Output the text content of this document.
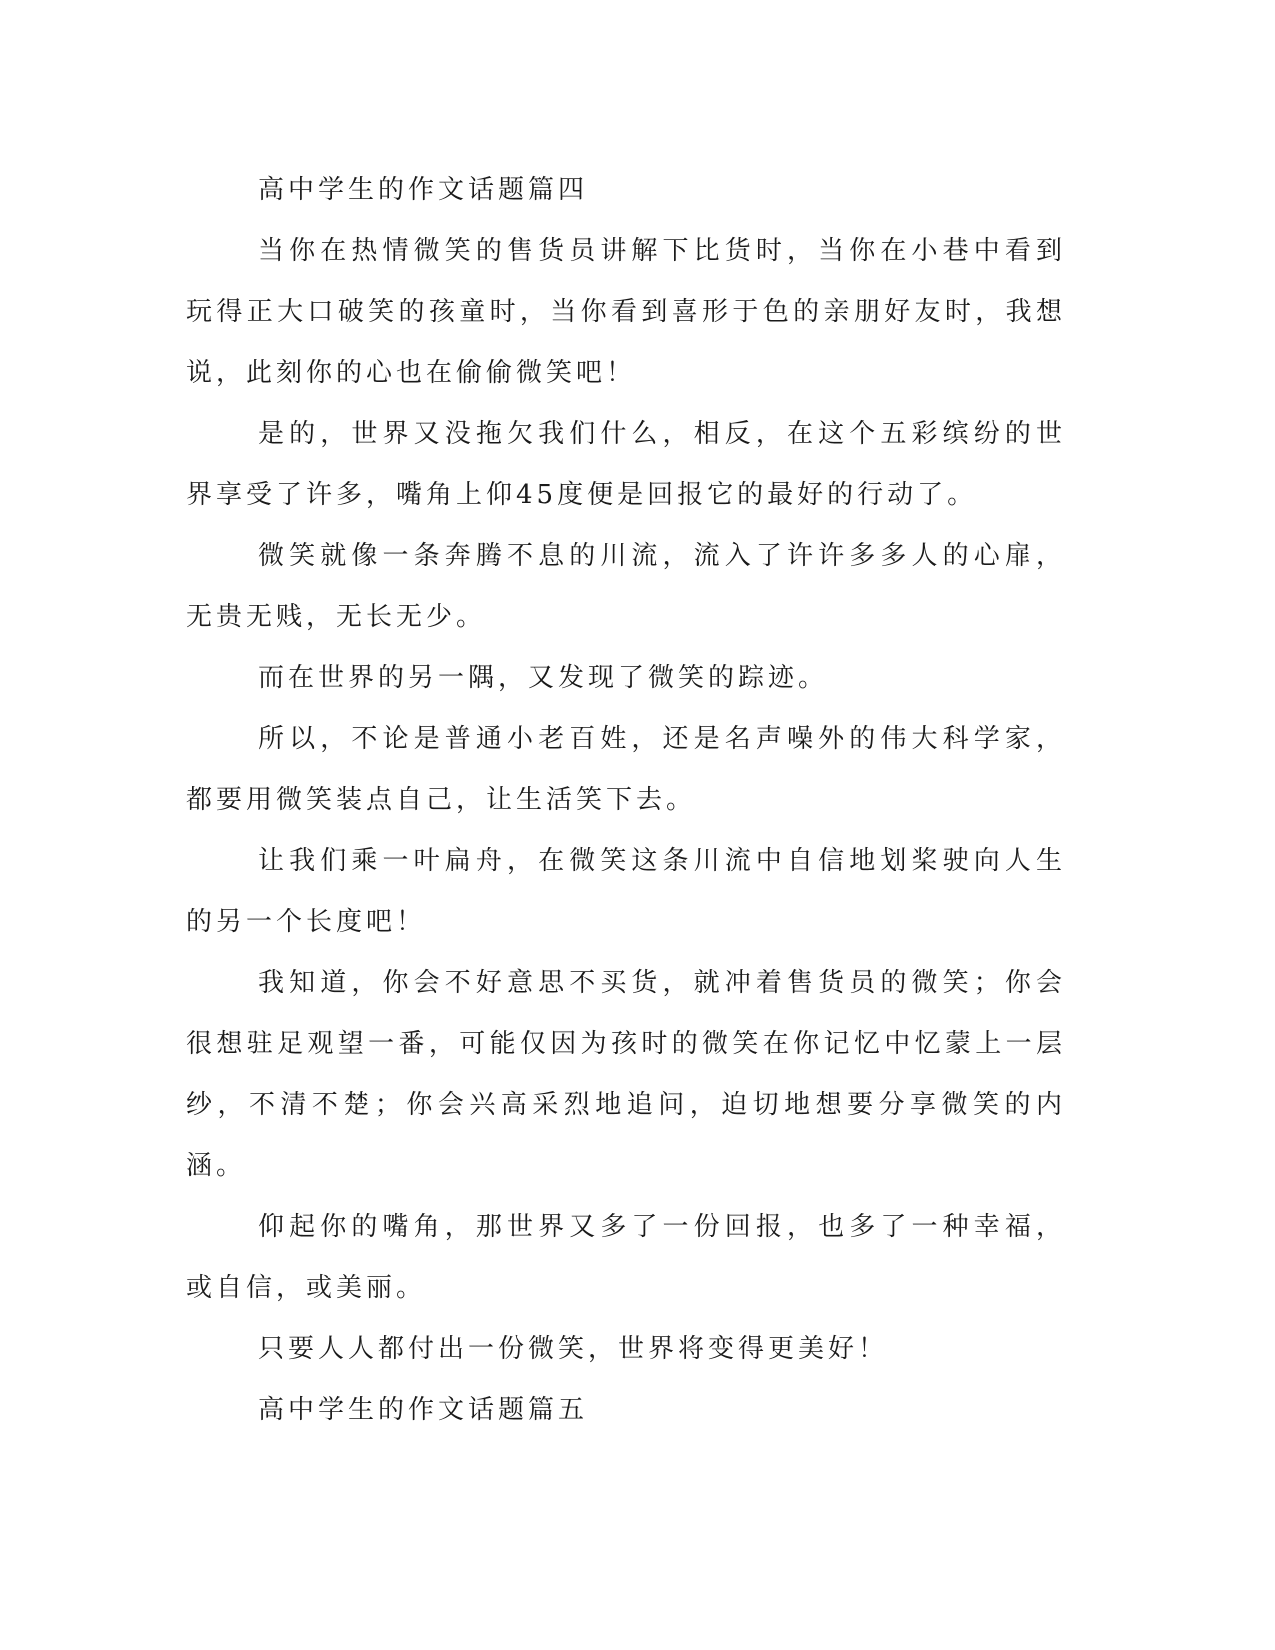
高中学生的作文话题篇四

当你在热情微笑的售货员讲解下比货时，当你在小巷中看到玩得正大口破笑的孩童时，当你看到喜形于色的亲朋好友时，我想说，此刻你的心也在偷偷微笑吧！

是的，世界又没拖欠我们什么，相反，在这个五彩缤纷的世界享受了许多，嘴角上仰45度便是回报它的最好的行动了。

微笑就像一条奔腾不息的川流，流入了许许多多人的心扉，无贵无贱，无长无少。

而在世界的另一隅，又发现了微笑的踪迹。

所以，不论是普通小老百姓，还是名声噪外的伟大科学家，都要用微笑装点自己，让生活笑下去。

让我们乘一叶扁舟，在微笑这条川流中自信地划桨驶向人生的另一个长度吧！

我知道，你会不好意思不买货，就冲着售货员的微笑；你会很想驻足观望一番，可能仅因为孩时的微笑在你记忆中忆蒙上一层纱，不清不楚；你会兴高采烈地追问，迫切地想要分享微笑的内涵。

仰起你的嘴角，那世界又多了一份回报，也多了一种幸福，或自信，或美丽。

只要人人都付出一份微笑，世界将变得更美好！

高中学生的作文话题篇五
